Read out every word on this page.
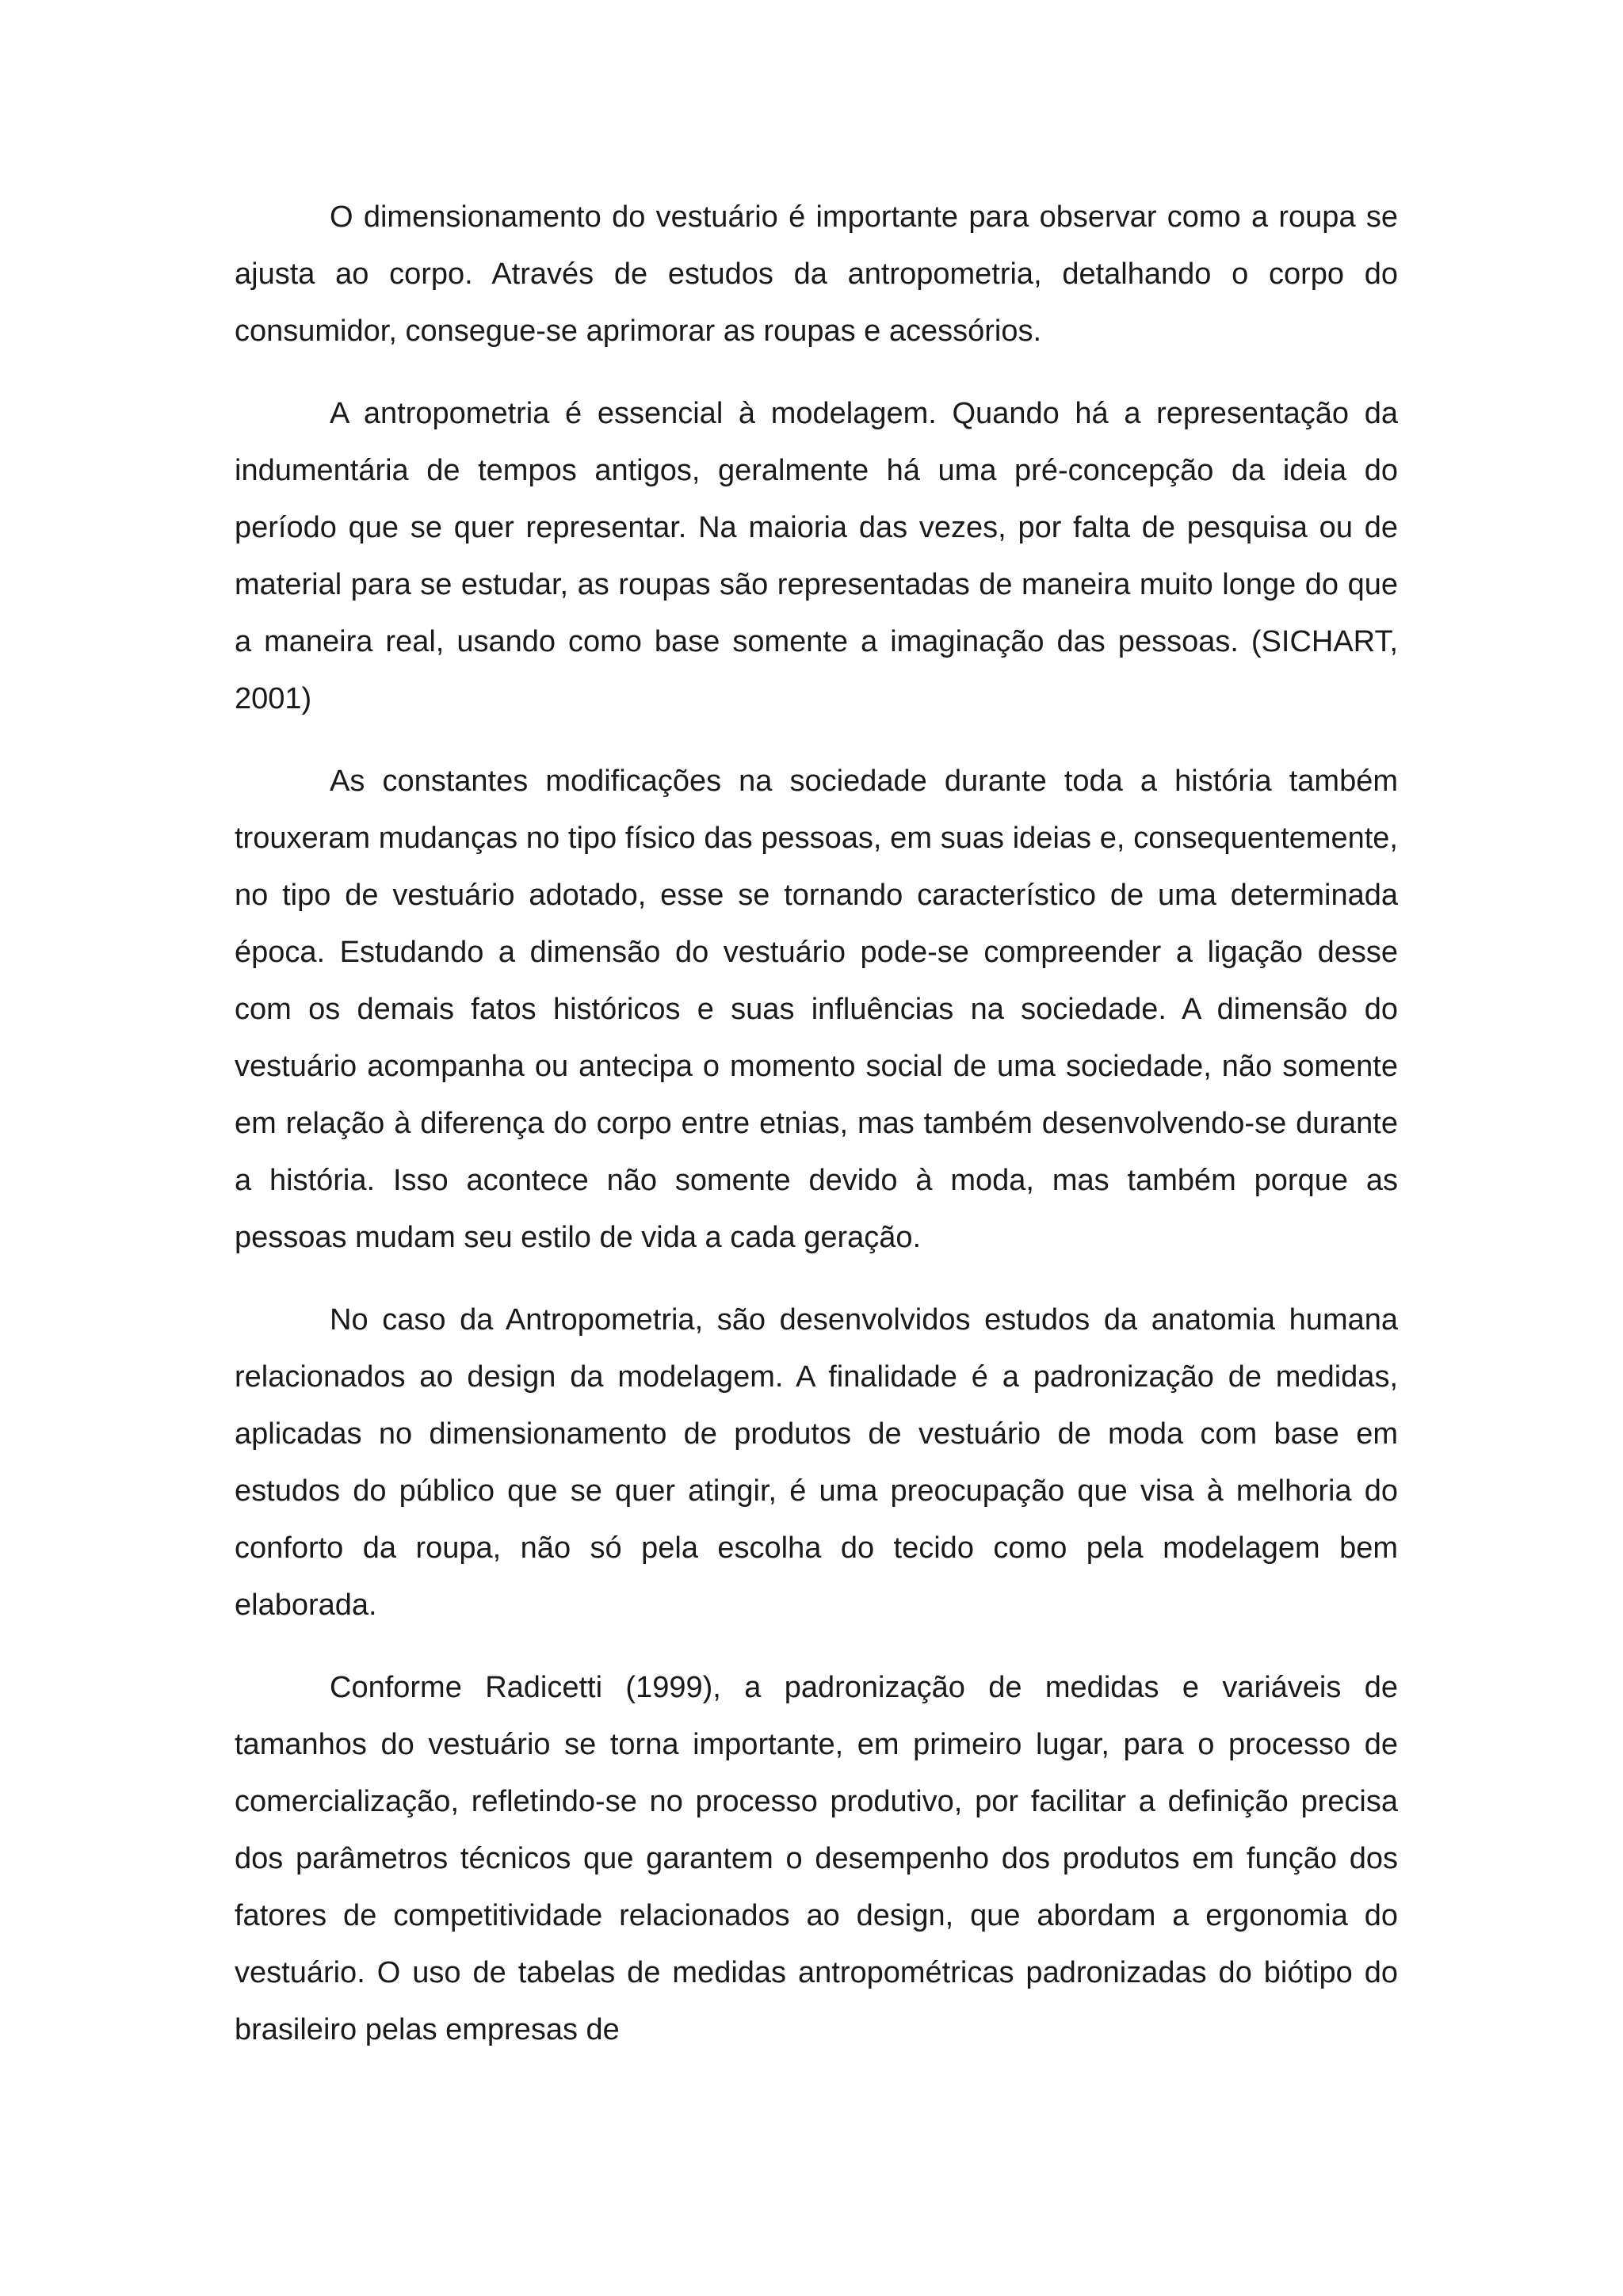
O dimensionamento do vestuário é importante para observar como a roupa se ajusta ao corpo. Através de estudos da antropometria, detalhando o corpo do consumidor, consegue-se aprimorar as roupas e acessórios.

A antropometria é essencial à modelagem. Quando há a representação da indumentária de tempos antigos, geralmente há uma pré-concepção da ideia do período que se quer representar. Na maioria das vezes, por falta de pesquisa ou de material para se estudar, as roupas são representadas de maneira muito longe do que a maneira real, usando como base somente a imaginação das pessoas. (SICHART, 2001)

As constantes modificações na sociedade durante toda a história também trouxeram mudanças no tipo físico das pessoas, em suas ideias e, consequentemente, no tipo de vestuário adotado, esse se tornando característico de uma determinada época. Estudando a dimensão do vestuário pode-se compreender a ligação desse com os demais fatos históricos e suas influências na sociedade. A dimensão do vestuário acompanha ou antecipa o momento social de uma sociedade, não somente em relação à diferença do corpo entre etnias, mas também desenvolvendo-se durante a história. Isso acontece não somente devido à moda, mas também porque as pessoas mudam seu estilo de vida a cada geração.

No caso da Antropometria, são desenvolvidos estudos da anatomia humana relacionados ao design da modelagem. A finalidade é a padronização de medidas, aplicadas no dimensionamento de produtos de vestuário de moda com base em estudos do público que se quer atingir, é uma preocupação que visa à melhoria do conforto da roupa, não só pela escolha do tecido como pela modelagem bem elaborada.

Conforme Radicetti (1999), a padronização de medidas e variáveis de tamanhos do vestuário se torna importante, em primeiro lugar, para o processo de comercialização, refletindo-se no processo produtivo, por facilitar a definição precisa dos parâmetros técnicos que garantem o desempenho dos produtos em função dos fatores de competitividade relacionados ao design, que abordam a ergonomia do vestuário. O uso de tabelas de medidas antropométricas padronizadas do biótipo do brasileiro pelas empresas de
